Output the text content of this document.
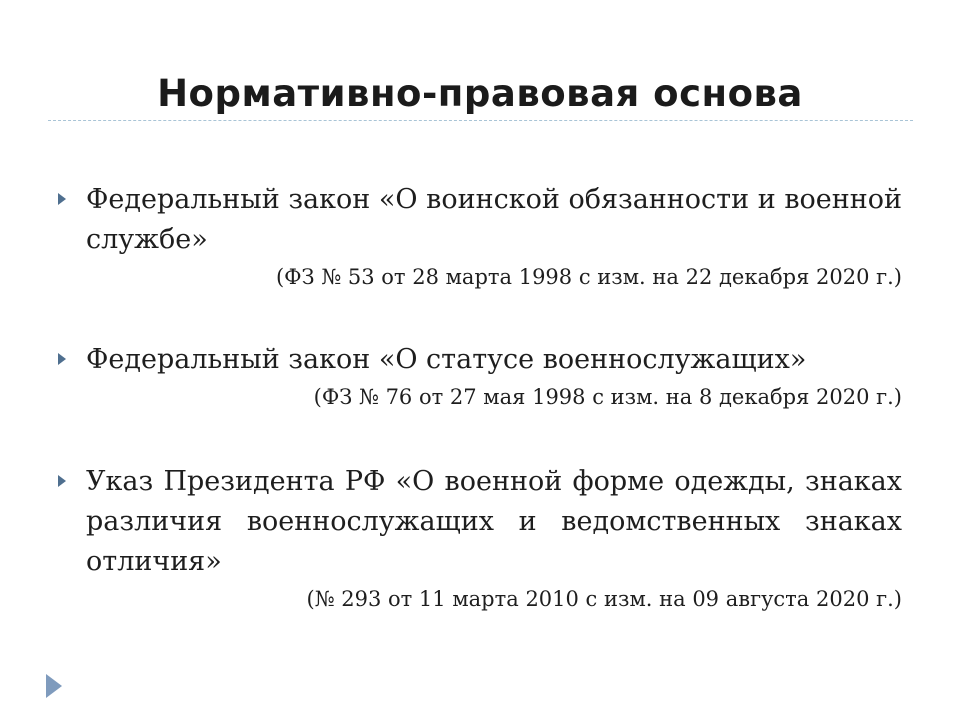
Нормативно-правовая основа
Федеральный закон «О воинской обязанности и военной службе»
(ФЗ № 53 от 28 марта 1998 с изм. на 22 декабря 2020 г.)
Федеральный закон «О статусе военнослужащих»
(ФЗ № 76 от 27 мая 1998 с изм. на 8 декабря 2020 г.)
Указ Президента РФ «О военной форме одежды, знаках различия военнослужащих и ведомственных знаках отличия»
(№ 293 от 11 марта 2010 с изм. на 09 августа 2020 г.)
